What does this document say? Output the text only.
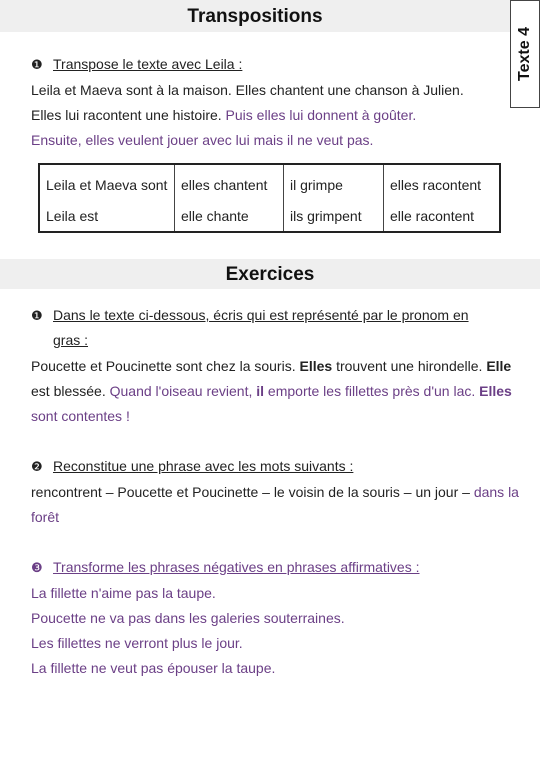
Transpositions
Texte 4
❶ Transpose le texte avec Leila :
Leila et Maeva sont à la maison. Elles chantent une chanson à Julien.
Elles lui racontent une histoire. Puis elles lui donnent à goûter.
Ensuite, elles veulent jouer avec lui mais il ne veut pas.
Leila et Maeva sont	elles chantent	il grimpe	elles racontent
Leila est	elle chante	ils grimpent	elle racontent
Exercices
❶ Dans le texte ci-dessous, écris qui est représenté par le pronom en
gras :
Poucette et Poucinette sont chez la souris. Elles trouvent une hirondelle. Elle
est blessée. Quand l'oiseau revient, il emporte les fillettes près d'un lac. Elles
sont contentes !
❷ Reconstitue une phrase avec les mots suivants :
rencontrent – Poucette et Poucinette – le voisin de la souris – un jour – dans la
forêt
❸ Transforme les phrases négatives en phrases affirmatives :
La fillette n'aime pas la taupe.
Poucette ne va pas dans les galeries souterraines.
Les fillettes ne verront plus le jour.
La fillette ne veut pas épouser la taupe.
